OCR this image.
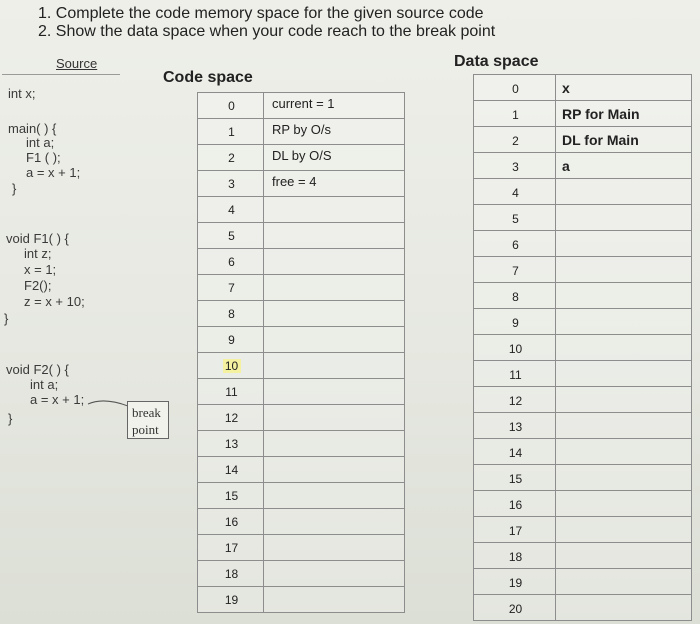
1. Complete the code memory space for the given source code
2. Show the data space when your code reach to the break point
Source
int x;
main( ) {
int a;
F1 ( );
a = x + 1;
}
void F1( ) {
int z;
x = 1;
F2();
z = x + 10;
}
void F2( ) {
int a;
a = x + 1;
}	break
point
Code space
0	current = 1
1	RP by O/s
2	DL by O/S
3	free = 4
4
5
6
7
8
9
10
11
12
13
14
15
16
17
18
19
Data space
0	x
1	RP for Main
2	DL for Main
3	a
4
5
6
7
8
9
10
11
12
13
14
15
16
17
18
19
20
